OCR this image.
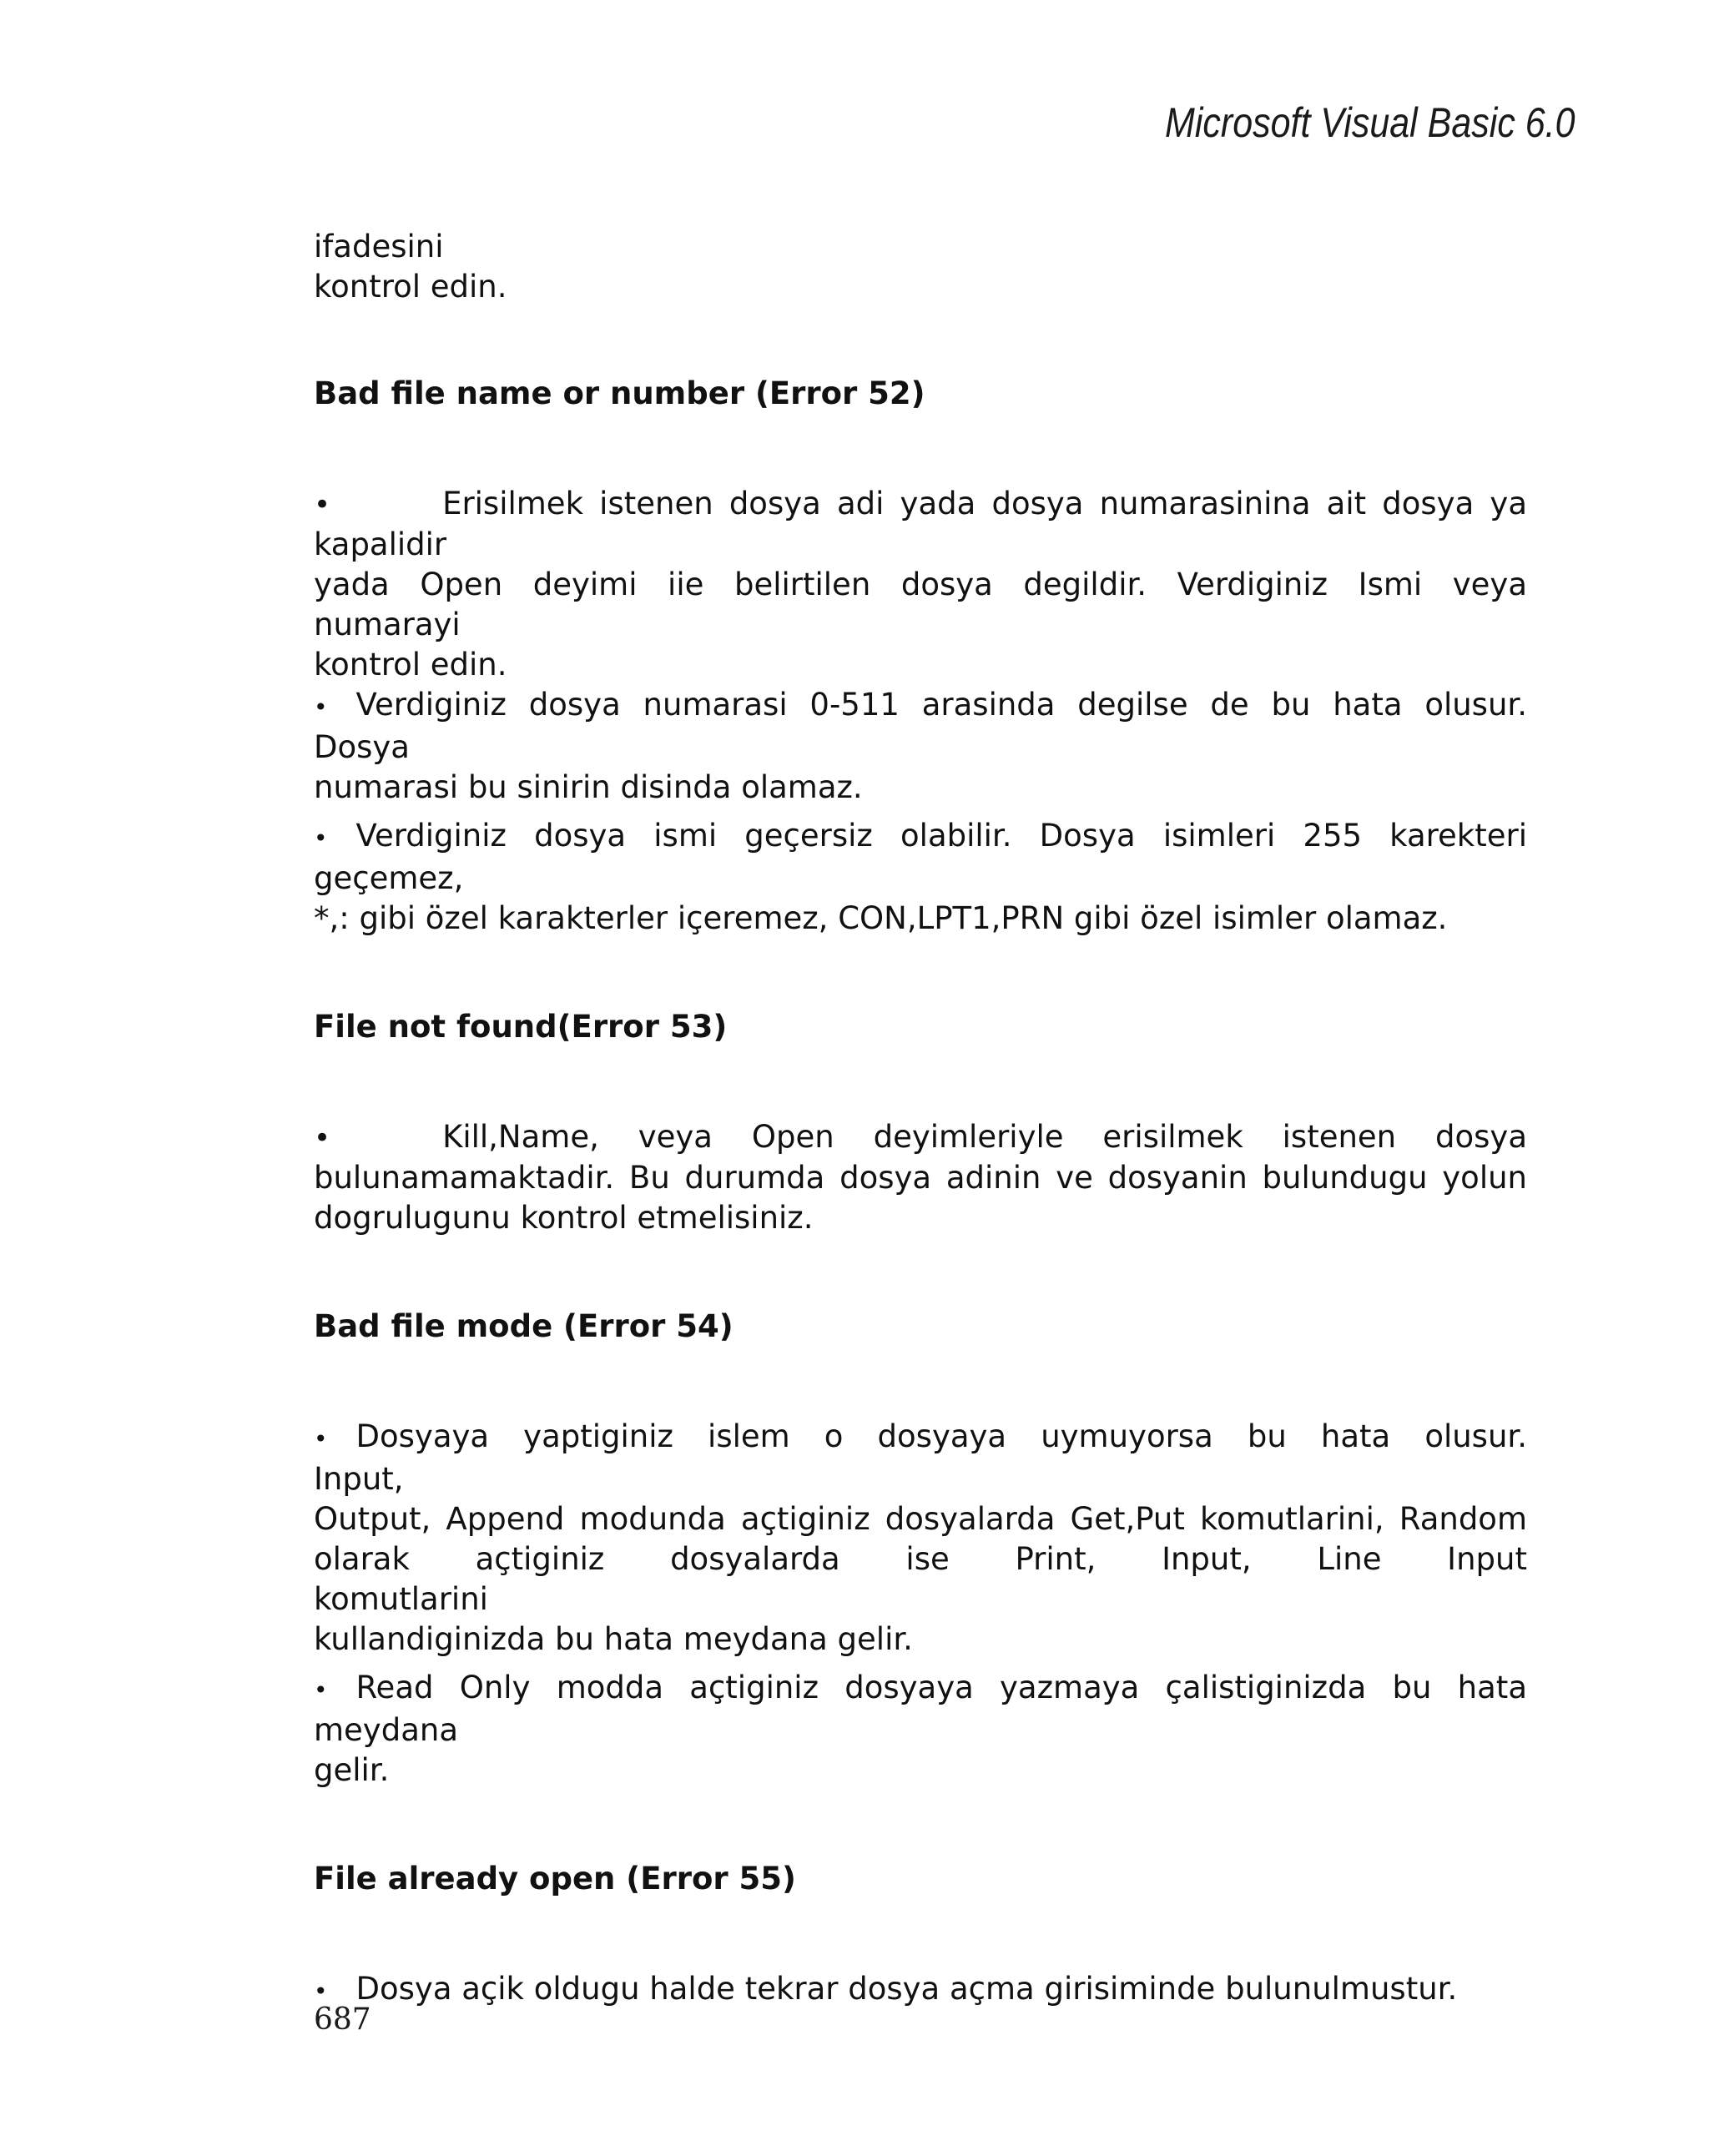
Microsoft Visual Basic 6.0

ifadesini

kontrol edin.

Bad file name or number (Error 52)

•	Erisilmek istenen dosya adi yada dosya numarasinina ait dosya ya

kapalidir

yada Open deyimi iie belirtilen dosya degildir. Verdiginiz Ismi veya

numarayi

kontrol edin.

• Verdiginiz dosya numarasi 0-511 arasinda degilse de bu hata olusur.

Dosya

numarasi bu sinirin disinda olamaz.

• Verdiginiz dosya ismi geçersiz olabilir. Dosya isimleri 255 karekteri

geçemez,

*,: gibi özel karakterler içeremez, CON,LPT1,PRN gibi özel isimler olamaz.

File not found(Error 53)

•	Kill,Name, veya Open deyimleriyle erisilmek istenen dosya

bulunamamaktadir. Bu durumda dosya adinin ve dosyanin bulundugu yolun

dogrulugunu kontrol etmelisiniz.

Bad file mode (Error 54)

• Dosyaya yaptiginiz islem o dosyaya uymuyorsa bu hata olusur.

Input,

Output, Append modunda açtiginiz dosyalarda Get,Put komutlarini, Random

olarak açtiginiz dosyalarda ise Print, Input, Line Input

komutlarini

kullandiginizda bu hata meydana gelir.

• Read Only modda açtiginiz dosyaya yazmaya çalistiginizda bu hata

meydana

gelir.

File already open (Error 55)

• Dosya açik oldugu halde tekrar dosya açma girisiminde bulunulmustur.

687
